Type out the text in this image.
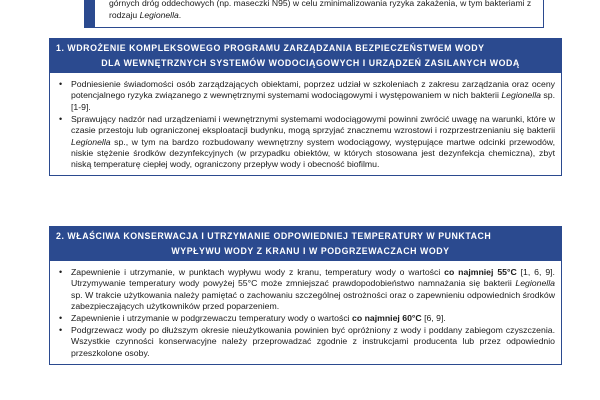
górnych dróg oddechowych (np. maseczki N95) w celu zminimalizowania ryzyka zakażenia, w tym bakteriami z rodzaju Legionella.
1. WDROŻENIE KOMPLEKSOWEGO PROGRAMU ZARZĄDZANIA BEZPIECZEŃSTWEM WODY
DLA WEWNĘTRZNYCH SYSTEMÓW WODOCIĄGOWYCH I URZĄDZEŃ ZASILANYCH WODĄ
• Podniesienie świadomości osób zarządzających obiektami, poprzez udział w szkoleniach z zakresu zarządzania oraz oceny potencjalnego ryzyka związanego z wewnętrznymi systemami wodociągowymi i występowaniem w nich bakterii Legionella sp. [1-9].
• Sprawujący nadzór nad urządzeniami i wewnętrznymi systemami wodociągowymi powinni zwrócić uwagę na warunki, które w czasie przestoju lub ograniczonej eksploatacji budynku, mogą sprzyjać znacznemu wzrostowi i rozprzestrzenianiu się bakterii Legionella sp., w tym na bardzo rozbudowany wewnętrzny system wodociągowy, występujące martwe odcinki przewodów, niskie stężenie środków dezynfekcyjnych (w przypadku obiektów, w których stosowana jest dezynfekcja chemiczna), zbyt niską temperaturę ciepłej wody, ograniczony przepływ wody i obecność biofilmu.
2. WŁAŚCIWA KONSERWACJA I UTRZYMANIE ODPOWIEDNIEJ TEMPERATURY W PUNKTACH
WYPŁYWU WODY Z KRANU I W PODGRZEWACZACH WODY
• Zapewnienie i utrzymanie, w punktach wypływu wody z kranu, temperatury wody o wartości co najmniej 55°C [1, 6, 9]. Utrzymywanie temperatury wody powyżej 55°C może zmniejszać prawdopodobieństwo namnażania się bakterii Legionella sp. W trakcie użytkowania należy pamiętać o zachowaniu szczególnej ostrożności oraz o zapewnieniu odpowiednich środków zabezpieczających użytkowników przed poparzeniem.
• Zapewnienie i utrzymanie w podgrzewaczu temperatury wody o wartości co najmniej 60°C [6, 9].
• Podgrzewacz wody po dłuższym okresie nieużytkowania powinien być opróżniony z wody i poddany zabiegom czyszczenia. Wszystkie czynności konserwacyjne należy przeprowadzać zgodnie z instrukcjami producenta lub przez odpowiednio przeszkolone osoby.
